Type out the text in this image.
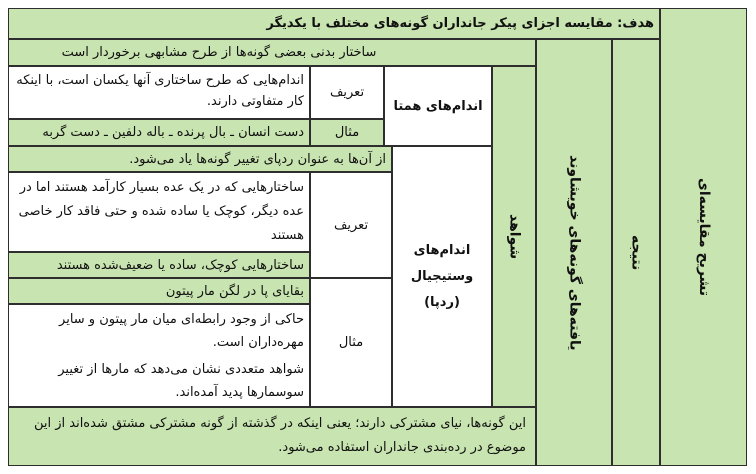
هدف: مقایسه اجزای پیکر جانداران گونه‌های مختلف با یکدیگر
تشریح مقایسه‌ای
نتیجه
یافته‌های گونه‌های خویشاوند
شواهد
ساختار بدنی بعضی گونه‌ها از طرح مشابهی برخوردار است
اندام‌های همتا
تعریف
اندام‌هایی که طرح ساختاری آنها یکسان است، با اینکه کار متفاوتی دارند.
مثال
دست انسان ـ بال پرنده ـ باله دلفین ـ دست گربه
از آن‌ها به عنوان ردپای تغییر گونه‌ها یاد می‌شود.
اندام‌های وستیجیال (ردپا)
تعریف
ساختارهایی که در یک عده بسیار کارآمد هستند اما در عده دیگر، کوچک یا ساده شده و حتی فاقد کار خاصی هستند
ساختارهایی کوچک، ساده یا ضعیف‌شده هستند
مثال
بقایای پا در لگن مار پیتون
حاکی از وجود رابطه‌ای میان مار پیتون و سایر مهره‌داران است.
شواهد متعددی نشان می‌دهد که مارها از تغییر سوسمارها پدید آمده‌اند.
این گونه‌ها، نیای مشترکی دارند؛ یعنی اینکه در گذشته از گونه مشترکی مشتق شده‌اند از این موضوع در رده‌بندی جانداران استفاده می‌شود.
